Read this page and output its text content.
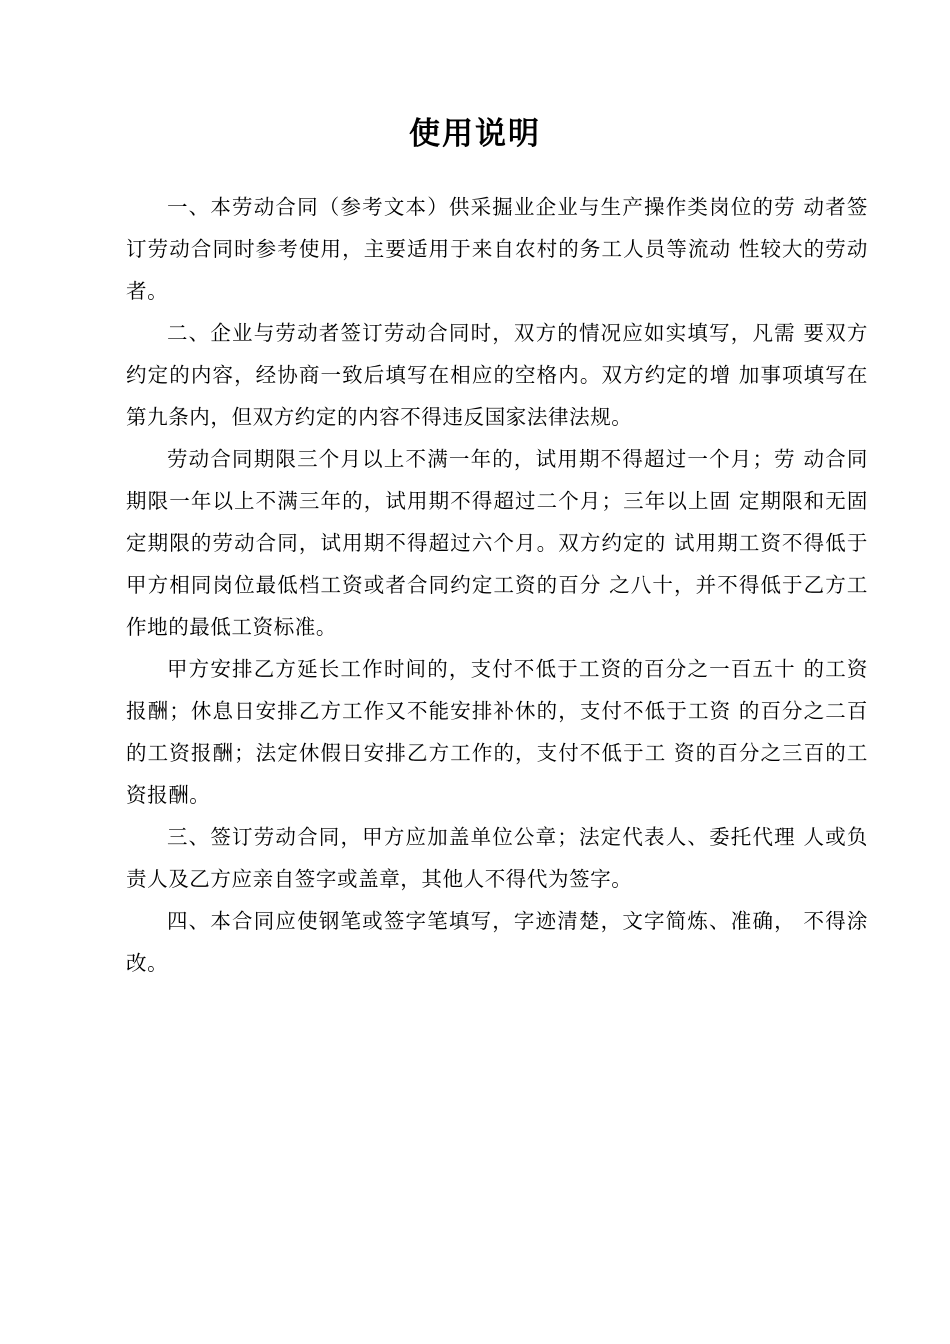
使用说明

一、本劳动合同（参考文本）供采掘业企业与生产操作类岗位的劳 动者签订劳动合同时参考使用，主要适用于来自农村的务工人员等流动 性较大的劳动者。

二、企业与劳动者签订劳动合同时，双方的情况应如实填写，凡需 要双方约定的内容，经协商一致后填写在相应的空格内。双方约定的增 加事项填写在第九条内，但双方约定的内容不得违反国家法律法规。

劳动合同期限三个月以上不满一年的，试用期不得超过一个月；劳 动合同期限一年以上不满三年的，试用期不得超过二个月；三年以上固 定期限和无固定期限的劳动合同，试用期不得超过六个月。双方约定的 试用期工资不得低于甲方相同岗位最低档工资或者合同约定工资的百分 之八十，并不得低于乙方工作地的最低工资标准。

甲方安排乙方延长工作时间的，支付不低于工资的百分之一百五十 的工资报酬；休息日安排乙方工作又不能安排补休的，支付不低于工资 的百分之二百的工资报酬；法定休假日安排乙方工作的，支付不低于工 资的百分之三百的工资报酬。

三、签订劳动合同，甲方应加盖单位公章；法定代表人、委托代理 人或负责人及乙方应亲自签字或盖章，其他人不得代为签字。

四、本合同应使钢笔或签字笔填写，字迹清楚，文字简炼、准确， 不得涂改。
